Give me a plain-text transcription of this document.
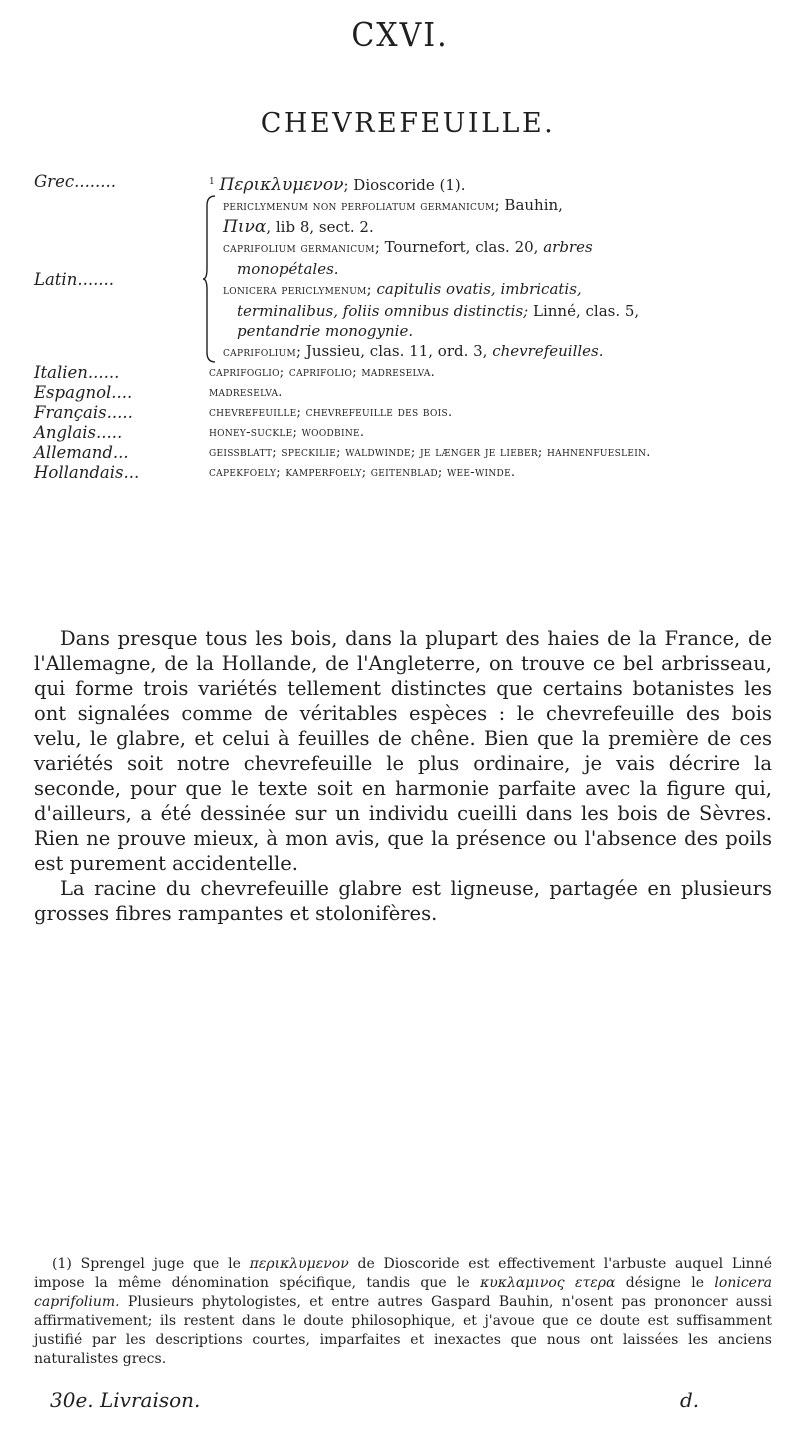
CXVI.
CHEVREFEUILLE.
Grec........	$^1$ Περικλυμενον; Dioscoride (1).
Latin.......
periclymenum non perfoliatum germanicum; Bauhin,
Πινα, lib 8, sect. 2.
caprifolium germanicum; Tournefort, clas. 20, arbres
monopétales.
lonicera periclymenum; capitulis ovatis, imbricatis,
terminalibus, foliis omnibus distinctis; Linné, clas. 5,
pentandrie monogynie.
caprifolium; Jussieu, clas. 11, ord. 3, chevrefeuilles.
Italien......	caprifoglio; caprifolio; madreselva.
Espagnol....	madreselva.
Français.....	chevrefeuille; chevrefeuille des bois.
Anglais.....	honey-suckle; woodbine.
Allemand...	geissblatt; speckilie; waldwinde; je længer je lieber; hahnenfueslein.
Hollandais...	capekfoely; kamperfoely; geitenblad; wee-winde.

Dans presque tous les bois, dans la plupart des haies de la France, de l'Allemagne, de la Hollande, de l'Angleterre, on trouve ce bel arbrisseau, qui forme trois variétés tellement distinctes que certains botanistes les ont signalées comme de véritables espèces : le chevrefeuille des bois velu, le glabre, et celui à feuilles de chêne. Bien que la première de ces variétés soit notre chevrefeuille le plus ordinaire, je vais décrire la seconde, pour que le texte soit en harmonie parfaite avec la figure qui, d'ailleurs, a été dessinée sur un individu cueilli dans les bois de Sèvres. Rien ne prouve mieux, à mon avis, que la présence ou l'absence des poils est purement accidentelle.

La racine du chevrefeuille glabre est ligneuse, partagée en plusieurs grosses fibres rampantes et stolonifères.

(1) Sprengel juge que le περικλυμενον de Dioscoride est effectivement l'arbuste auquel Linné impose la même dénomination spécifique, tandis que le κυκλαμινος ετερα désigne le lonicera caprifolium. Plusieurs phytologistes, et entre autres Gaspard Bauhin, n'osent pas prononcer aussi affirmativement; ils restent dans le doute philosophique, et j'avoue que ce doute est suffisamment justifié par les descriptions courtes, imparfaites et inexactes que nous ont laissées les anciens naturalistes grecs.

30e. Livraison.	d.
